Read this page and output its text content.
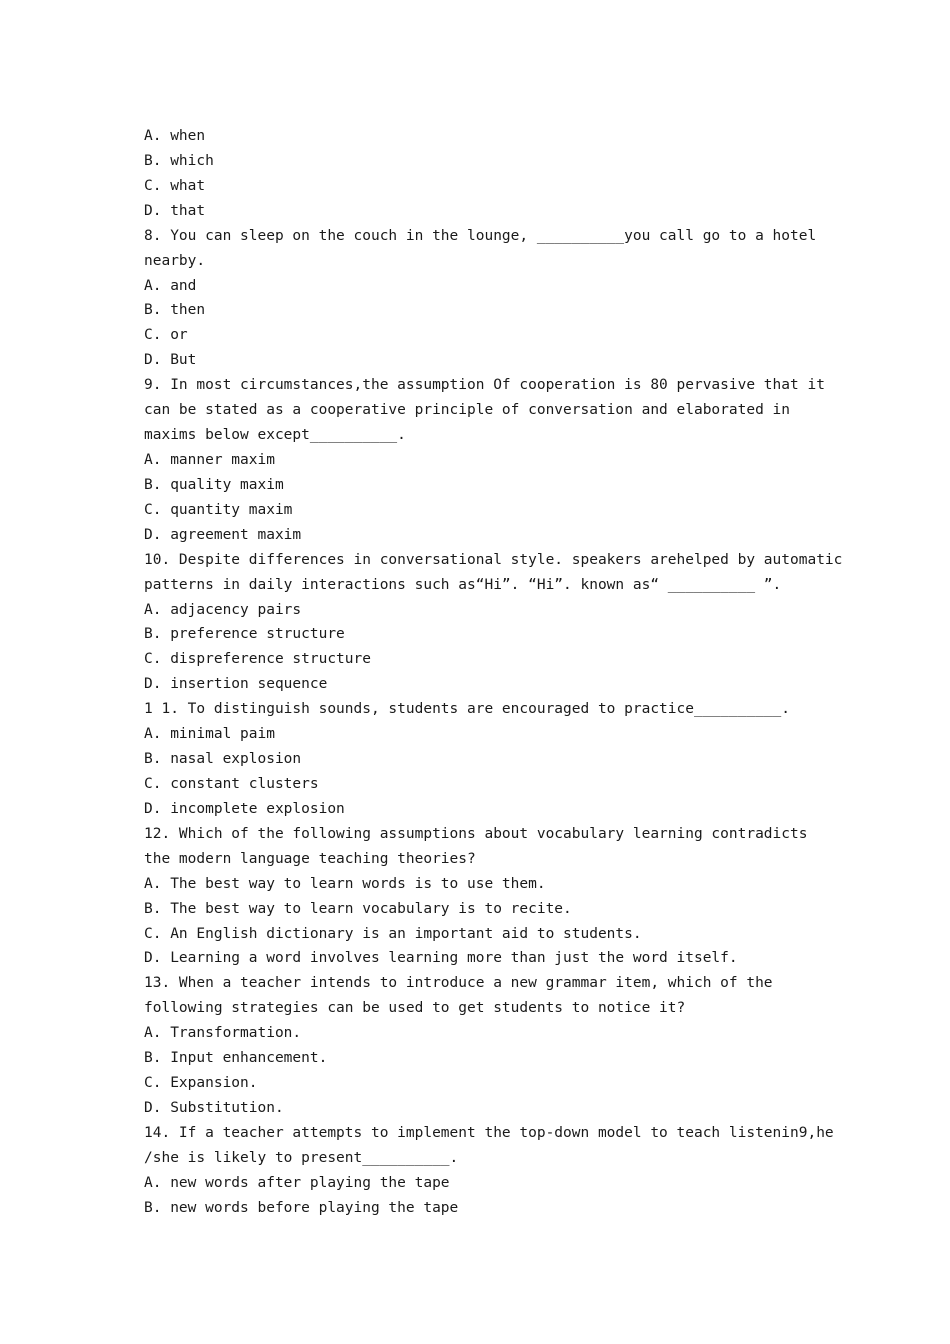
A. when
B. which
C. what
D. that
8. You can sleep on the couch in the lounge, __________you call go to a hotel
nearby.
A. and
B. then
C. or
D. But
9. In most circumstances,the assumption Of cooperation is 80 pervasive that it
can be stated as a cooperative principle of conversation and elaborated in
maxims below except__________.
A. manner maxim
B. quality maxim
C. quantity maxim
D. agreement maxim
10. Despite differences in conversational style. speakers arehelped by automatic
patterns in daily interactions such as“Hi”. “Hi”. known as“ __________ ”.
A. adjacency pairs
B. preference structure
C. dispreference structure
D. insertion sequence
1 1. To distinguish sounds, students are encouraged to practice__________.
A. minimal paim
B. nasal explosion
C. constant clusters
D. incomplete explosion
12. Which of the following assumptions about vocabulary learning contradicts
the modern language teaching theories?
A. The best way to learn words is to use them.
B. The best way to learn vocabulary is to recite.
C. An English dictionary is an important aid to students.
D. Learning a word involves learning more than just the word itself.
13. When a teacher intends to introduce a new grammar item, which of the
following strategies can be used to get students to notice it?
A. Transformation.
B. Input enhancement.
C. Expansion.
D. Substitution.
14. If a teacher attempts to implement the top-down model to teach listenin9,he
/she is likely to present__________.
A. new words after playing the tape
B. new words before playing the tape
